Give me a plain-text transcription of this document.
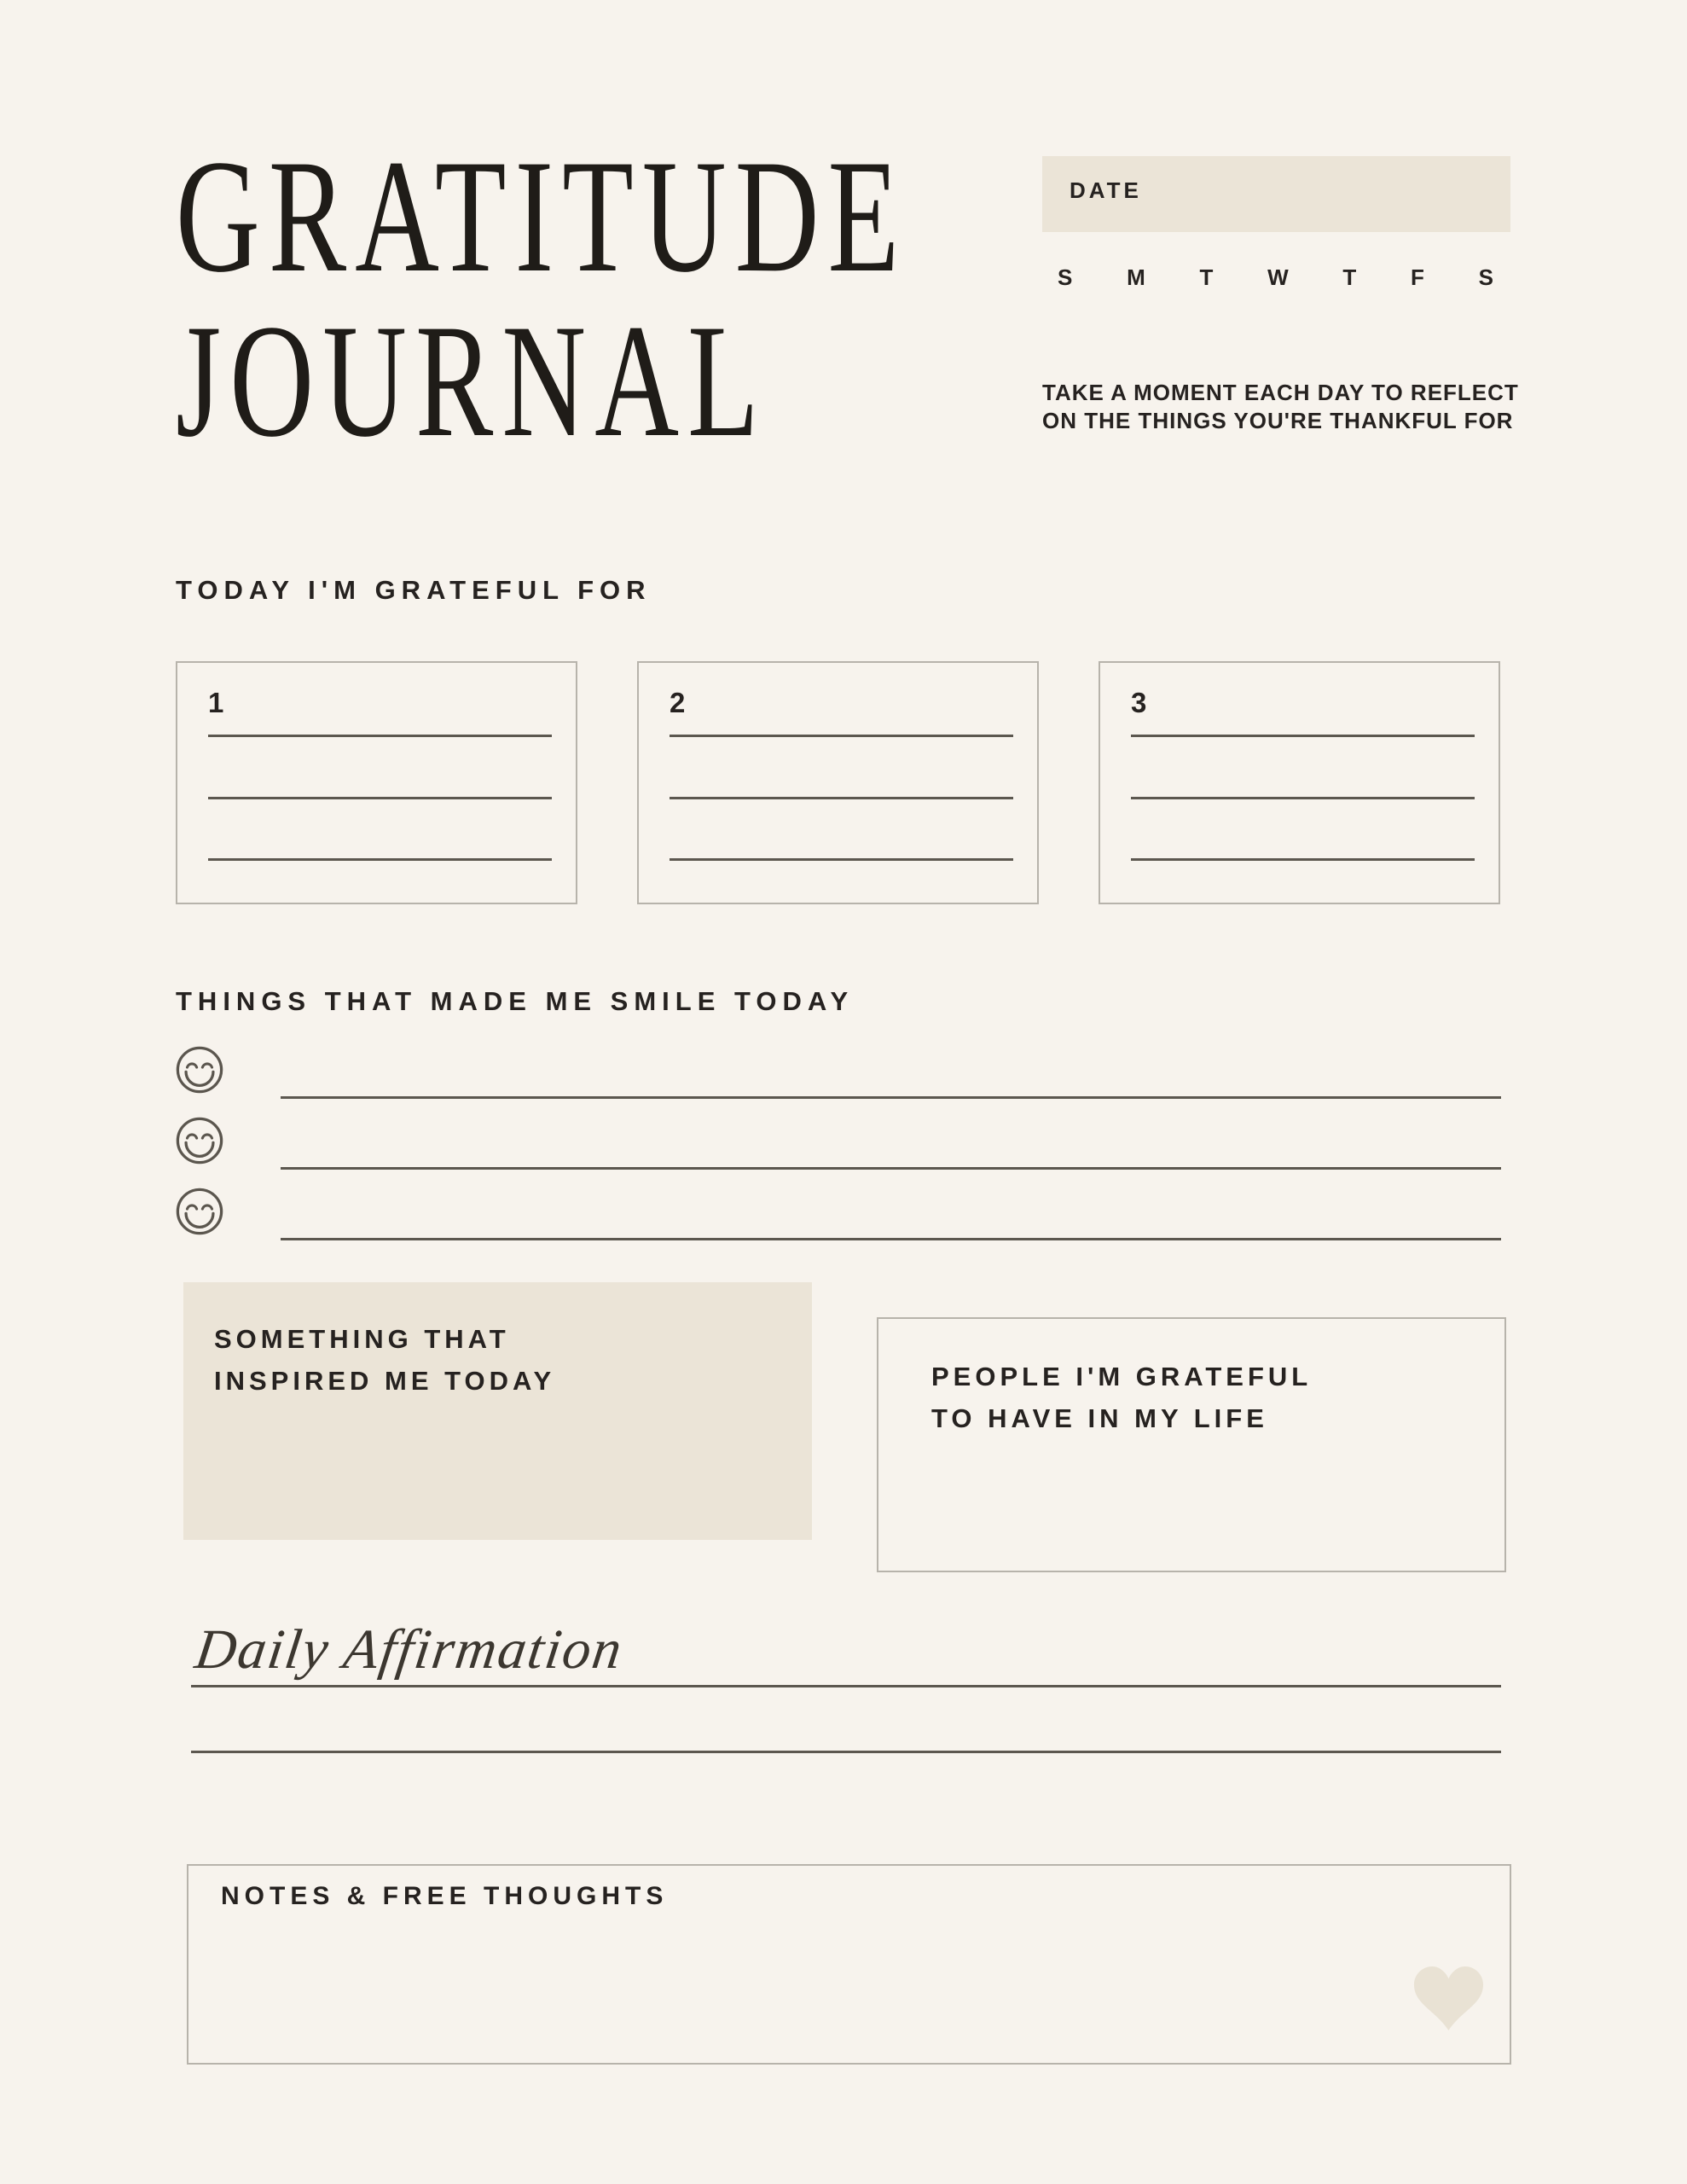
GRATITUDE
JOURNAL
DATE
S M T W T F S
TAKE A MOMENT EACH DAY TO REFLECT ON THE THINGS YOU'RE THANKFUL FOR
TODAY I'M GRATEFUL FOR
1	2	3
THINGS THAT MADE ME SMILE TODAY
SOMETHING THAT
INSPIRED ME TODAY	PEOPLE I'M GRATEFUL
TO HAVE IN MY LIFE
Daily Affirmation
NOTES & FREE THOUGHTS
